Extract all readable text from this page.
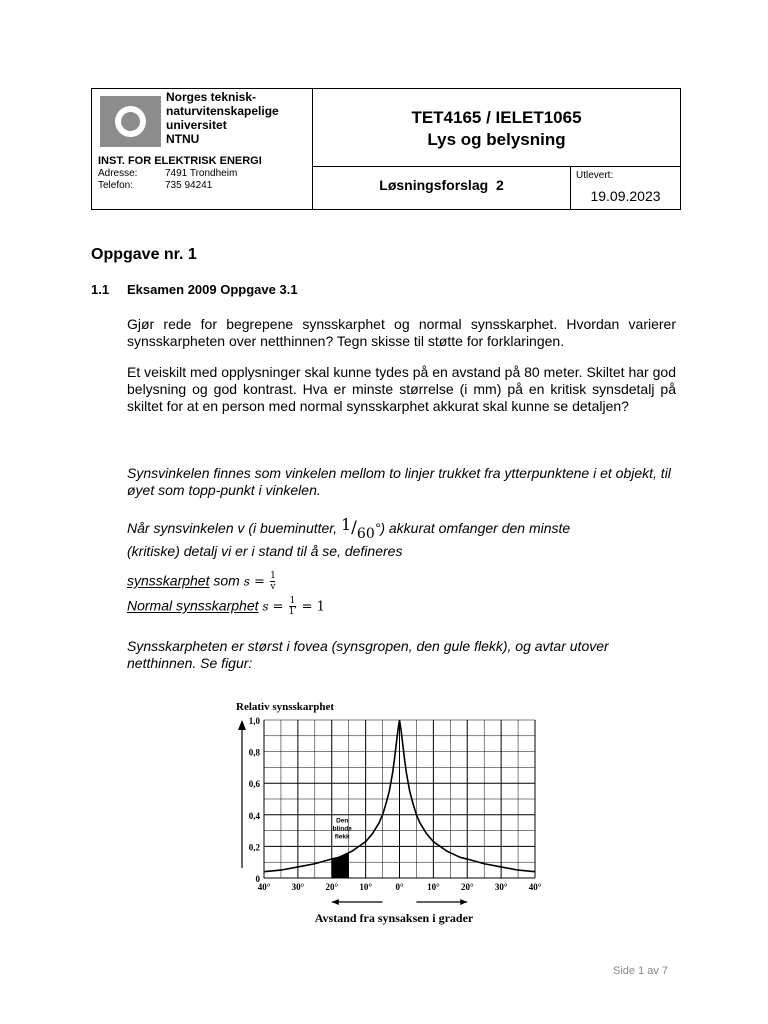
Norges teknisk-
naturvitenskapelige
universitet
NTNU
INST. FOR ELEKTRISK ENERGI
Adresse:	7491 Trondheim
Telefon:	735 94241
TET4165 / IELET1065
Lys og belysning
Løsningsforslag  2
Utlevert:
19.09.2023
Oppgave nr. 1
1.1 Eksamen 2009 Oppgave 3.1
Gjør rede for begrepene synsskarphet og normal synsskarphet. Hvordan varierer synsskarpheten over netthinnen? Tegn skisse til støtte for forklaringen.
Et veiskilt med opplysninger skal kunne tydes på en avstand på 80 meter. Skiltet har god belysning og god kontrast. Hva er minste størrelse (i mm) på en kritisk synsdetalj på skiltet for at en person med normal synsskarphet akkurat skal kunne se detaljen?
Synsvinkelen finnes som vinkelen mellom to linjer trukket fra ytterpunktene i et objekt, til øyet som topp-punkt i vinkelen.
Når synsvinkelen v (i bueminutter, 1/60°) akkurat omfanger den minste
(kritiske) detalj vi er i stand til å se, defineres
synsskarphet som $s = \frac{1}{v}$
Normal synsskarphet $s = \frac{1}{1'} = 1$
Synsskarpheten er størst i fovea (synsgropen, den gule flekk), og avtar utover netthinnen. Se figur:
Relativ synsskarphet
0
0,2
0,4
0,6
0,8
1,0
40° 30° 20° 10°	0°	10° 20° 30° 40°
Den
blinde
flekk
Avstand fra synsaksen i grader
Side 1 av 7
